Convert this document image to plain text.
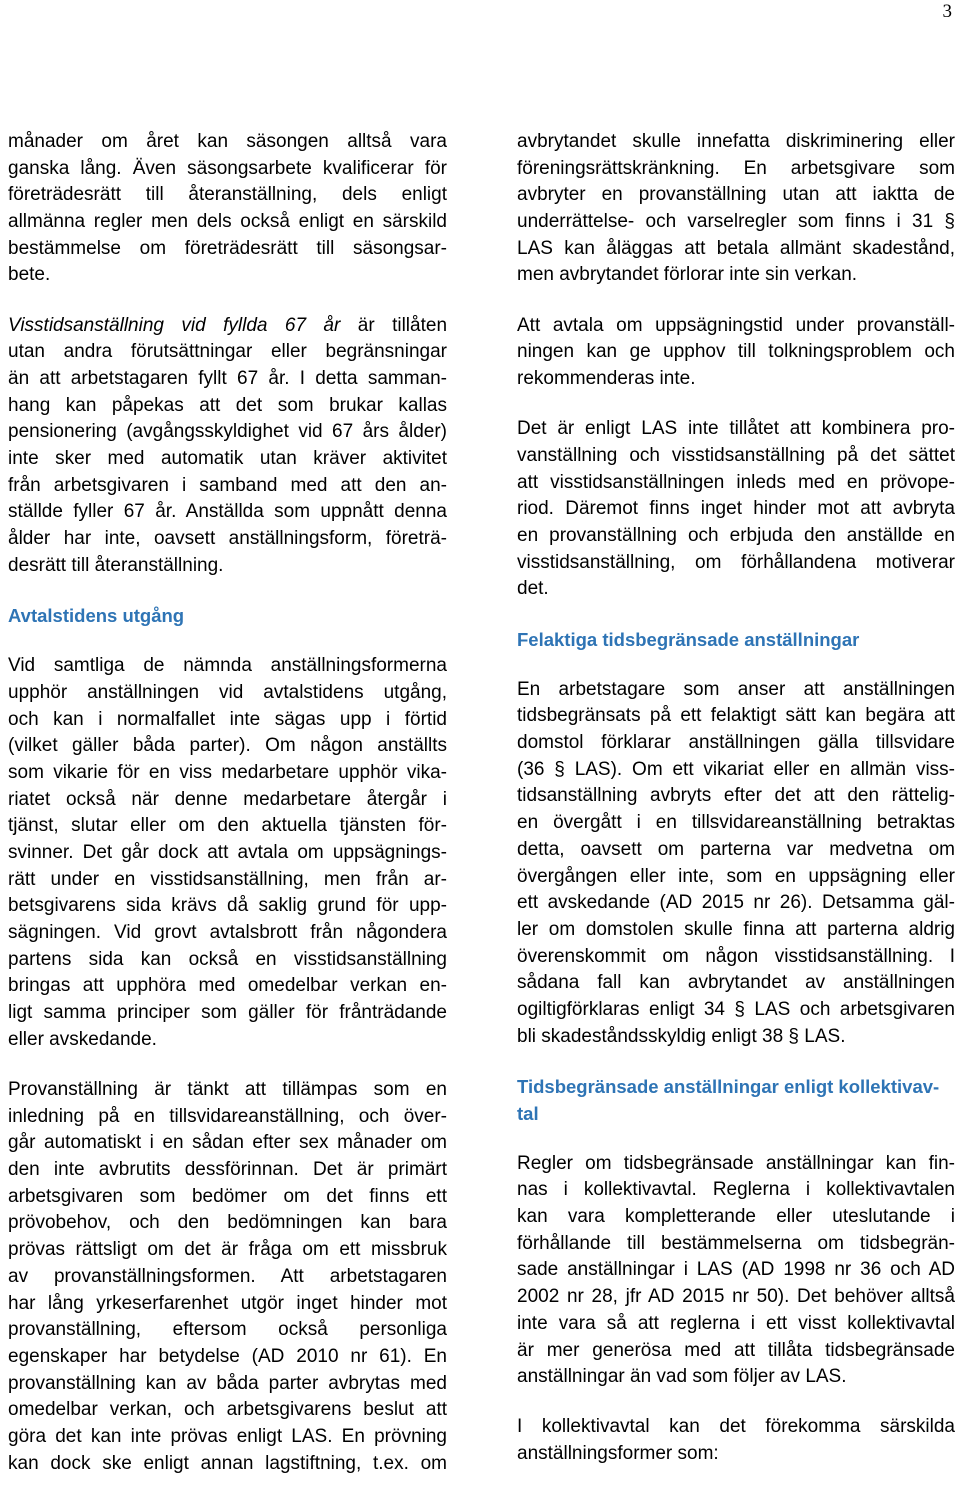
3
månader om året kan säsongen alltså vara
ganska lång. Även säsongsarbete kvalificerar för
företrädesrätt till återanställning, dels enligt
allmänna regler men dels också enligt en särskild
bestämmelse om företrädesrätt till säsongsar-
bete.
Visstidsanställning vid fyllda 67 år är tillåten
utan andra förutsättningar eller begränsningar
än att arbetstagaren fyllt 67 år. I detta samman-
hang kan påpekas att det som brukar kallas
pensionering (avgångsskyldighet vid 67 års ålder)
inte sker med automatik utan kräver aktivitet
från arbetsgivaren i samband med att den an-
ställde fyller 67 år. Anställda som uppnått denna
ålder har inte, oavsett anställningsform, företrä-
desrätt till återanställning.
Avtalstidens utgång
Vid samtliga de nämnda anställningsformerna
upphör anställningen vid avtalstidens utgång,
och kan i normalfallet inte sägas upp i förtid
(vilket gäller båda parter). Om någon anställts
som vikarie för en viss medarbetare upphör vika-
riatet också när denne medarbetare återgår i
tjänst, slutar eller om den aktuella tjänsten för-
svinner. Det går dock att avtala om uppsägnings-
rätt under en visstidsanställning, men från ar-
betsgivarens sida krävs då saklig grund för upp-
sägningen. Vid grovt avtalsbrott från någondera
partens sida kan också en visstidsanställning
bringas att upphöra med omedelbar verkan en-
ligt samma principer som gäller för frånträdande
eller avskedande.
Provanställning är tänkt att tillämpas som en
inledning på en tillsvidareanställning, och över-
går automatiskt i en sådan efter sex månader om
den inte avbrutits dessförinnan. Det är primärt
arbetsgivaren som bedömer om det finns ett
prövobehov, och den bedömningen kan bara
prövas rättsligt om det är fråga om ett missbruk
av provanställningsformen. Att arbetstagaren
har lång yrkeserfarenhet utgör inget hinder mot
provanställning, eftersom också personliga
egenskaper har betydelse (AD 2010 nr 61). En
provanställning kan av båda parter avbrytas med
omedelbar verkan, och arbetsgivarens beslut att
göra det kan inte prövas enligt LAS. En prövning
kan dock ske enligt annan lagstiftning, t.ex. om
avbrytandet skulle innefatta diskriminering eller
föreningsrättskränkning. En arbetsgivare som
avbryter en provanställning utan att iaktta de
underrättelse- och varselregler som finns i 31 §
LAS kan åläggas att betala allmänt skadestånd,
men avbrytandet förlorar inte sin verkan.
Att avtala om uppsägningstid under provanställ-
ningen kan ge upphov till tolkningsproblem och
rekommenderas inte.
Det är enligt LAS inte tillåtet att kombinera pro-
vanställning och visstidsanställning på det sättet
att visstidsanställningen inleds med en prövope-
riod. Däremot finns inget hinder mot att avbryta
en provanställning och erbjuda den anställde en
visstidsanställning, om förhållandena motiverar
det.
Felaktiga tidsbegränsade anställningar
En arbetstagare som anser att anställningen
tidsbegränsats på ett felaktigt sätt kan begära att
domstol förklarar anställningen gälla tillsvidare
(36 § LAS). Om ett vikariat eller en allmän viss-
tidsanställning avbryts efter det att den rättelig-
en övergått i en tillsvidareanställning betraktas
detta, oavsett om parterna var medvetna om
övergången eller inte, som en uppsägning eller
ett avskedande (AD 2015 nr 26). Detsamma gäl-
ler om domstolen skulle finna att parterna aldrig
överenskommit om någon visstidsanställning. I
sådana fall kan avbrytandet av anställningen
ogiltigförklaras enligt 34 § LAS och arbetsgivaren
bli skadeståndsskyldig enligt 38 § LAS.
Tidsbegränsade anställningar enligt kollektivav-
tal
Regler om tidsbegränsade anställningar kan fin-
nas i kollektivavtal. Reglerna i kollektivavtalen
kan vara kompletterande eller uteslutande i
förhållande till bestämmelserna om tidsbegrän-
sade anställningar i LAS (AD 1998 nr 36 och AD
2002 nr 28, jfr AD 2015 nr 50). Det behöver alltså
inte vara så att reglerna i ett visst kollektivavtal
är mer generösa med att tillåta tidsbegränsade
anställningar än vad som följer av LAS.
I kollektivavtal kan det förekomma särskilda
anställningsformer som:
